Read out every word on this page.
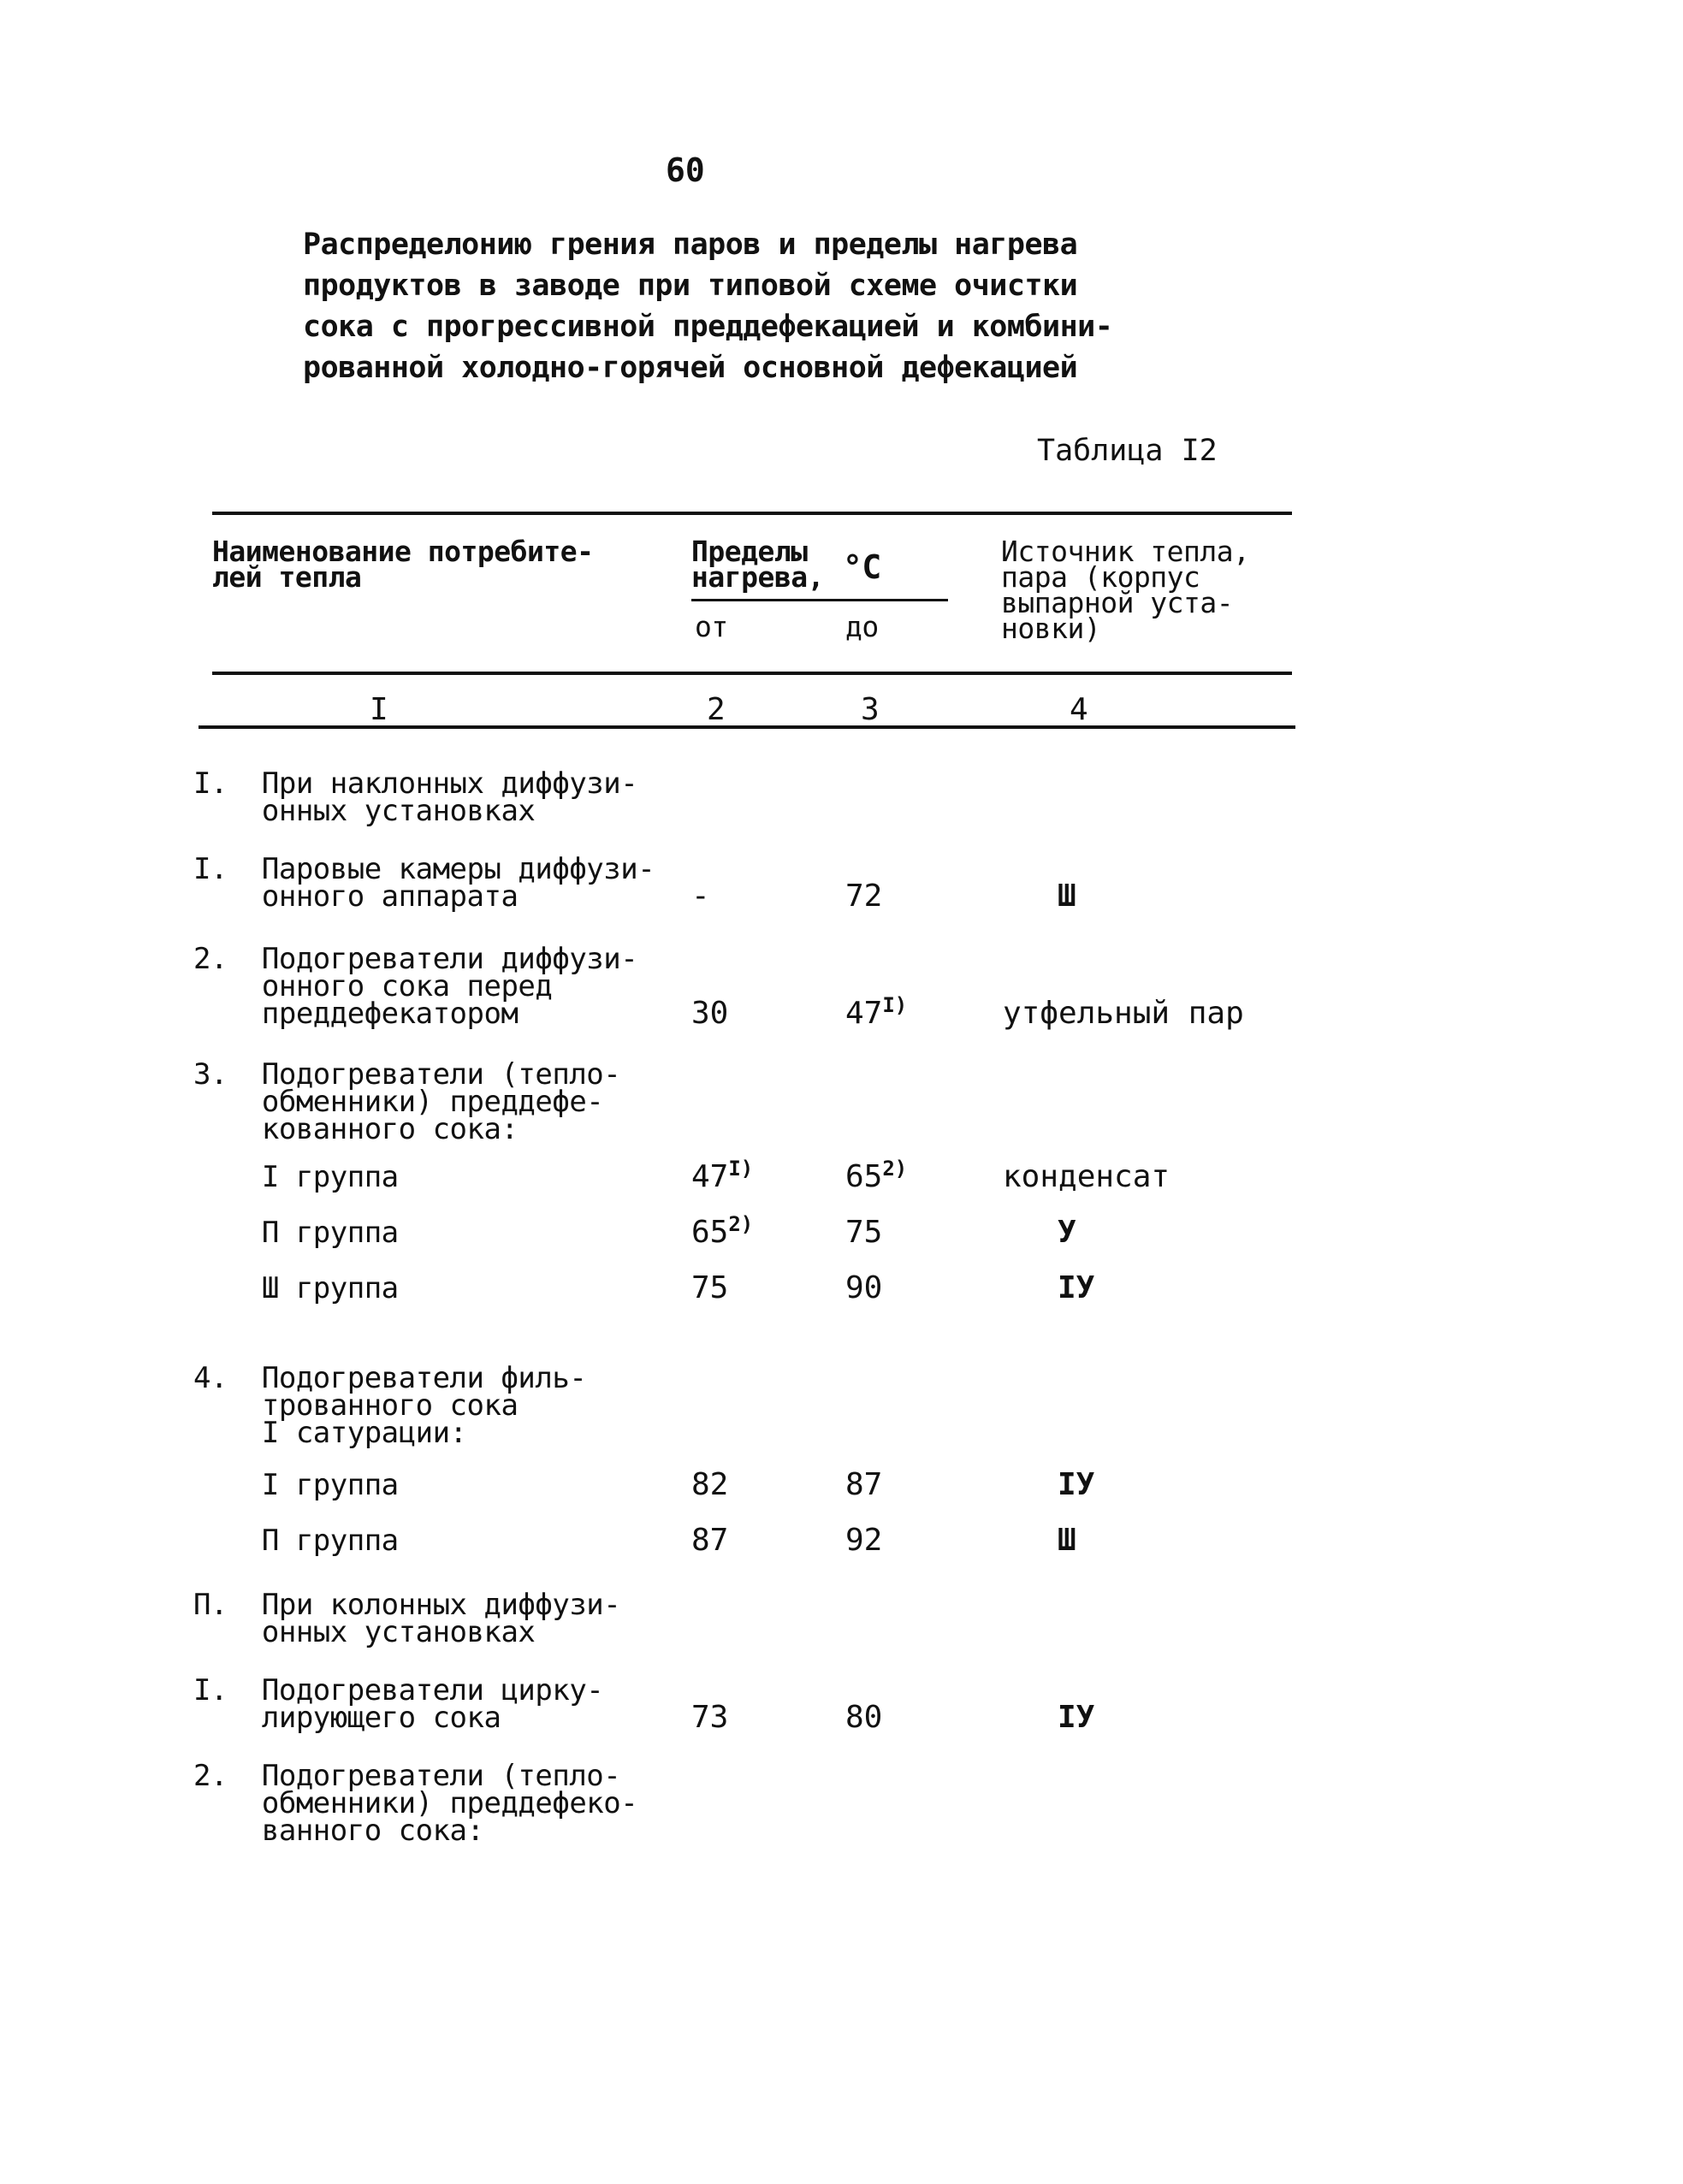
60
Распределонию грения паров и пределы нагрева
продуктов в заводе при типовой схеме очистки
сока с прогрессивной преддефекацией и комбини-
рованной холодно-горячей основной дефекацией
Таблица I2
Наименование потребите-
лей тепла
Пределы
нагрева, °С
от	до
Источник тепла,
пара (корпус
выпарной уста-
новки)
I	2	3	4
I.  При наклонных диффузи-
онных установках
I.  Паровые камеры диффузи-
онного аппарата	-	72	Ш
2.  Подогреватели диффузи-
онного сока перед
преддефекатором	30	$47^{I)}$	утфельный пар
3.  Подогреватели (тепло-
обменники) преддефе-
кованного сока:
I группа	$47^{I)}$	65$^{2)}$	конденсат
П группа	65$^{2)}$	75	У
Ш группа	75	90	IУ
4.  Подогреватели филь-
трованного сока
I сатурации:
I группа	82	87	IУ
П группа	87	92	Ш
П.  При колонных диффузи-
онных установках
I.  Подогреватели цирку-
лирующего сока	73	80	IУ
2.  Подогреватели (тепло-
обменники) преддефеко-
ванного сока:
